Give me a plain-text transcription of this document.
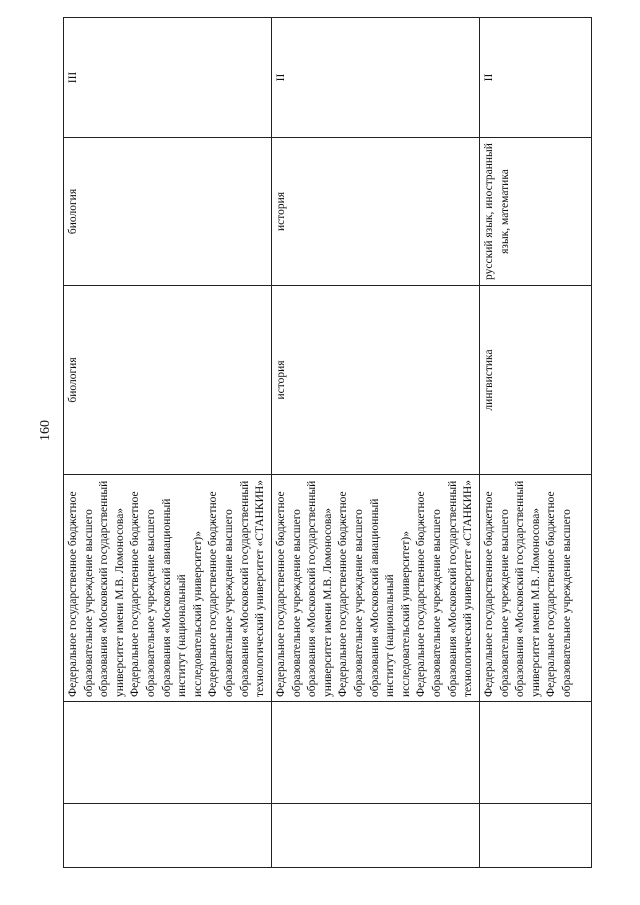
160
		Федеральное государственное бюджетное образовательное учреждение высшего образования «Московский государственный университет имени М.В. Ломоносова» Федеральное государственное бюджетное образовательное учреждение высшего образования «Московский авиационный институт (национальный исследовательский университет)» Федеральное государственное бюджетное образовательное учреждение высшего образования «Московский государственный технологический университет «СТАНКИН»	биология	биология	III
		Федеральное государственное бюджетное образовательное учреждение высшего образования «Московский государственный университет имени М.В. Ломоносова» Федеральное государственное бюджетное образовательное учреждение высшего образования «Московский авиационный институт (национальный исследовательский университет)» Федеральное государственное бюджетное образовательное учреждение высшего образования «Московский государственный технологический университет «СТАНКИН»	история	история	II
		Федеральное государственное бюджетное образовательное учреждение высшего образования «Московский государственный университет имени М.В. Ломоносова» Федеральное государственное бюджетное образовательное учреждение высшего	лингвистика	русский язык, иностранный язык, математика	II
